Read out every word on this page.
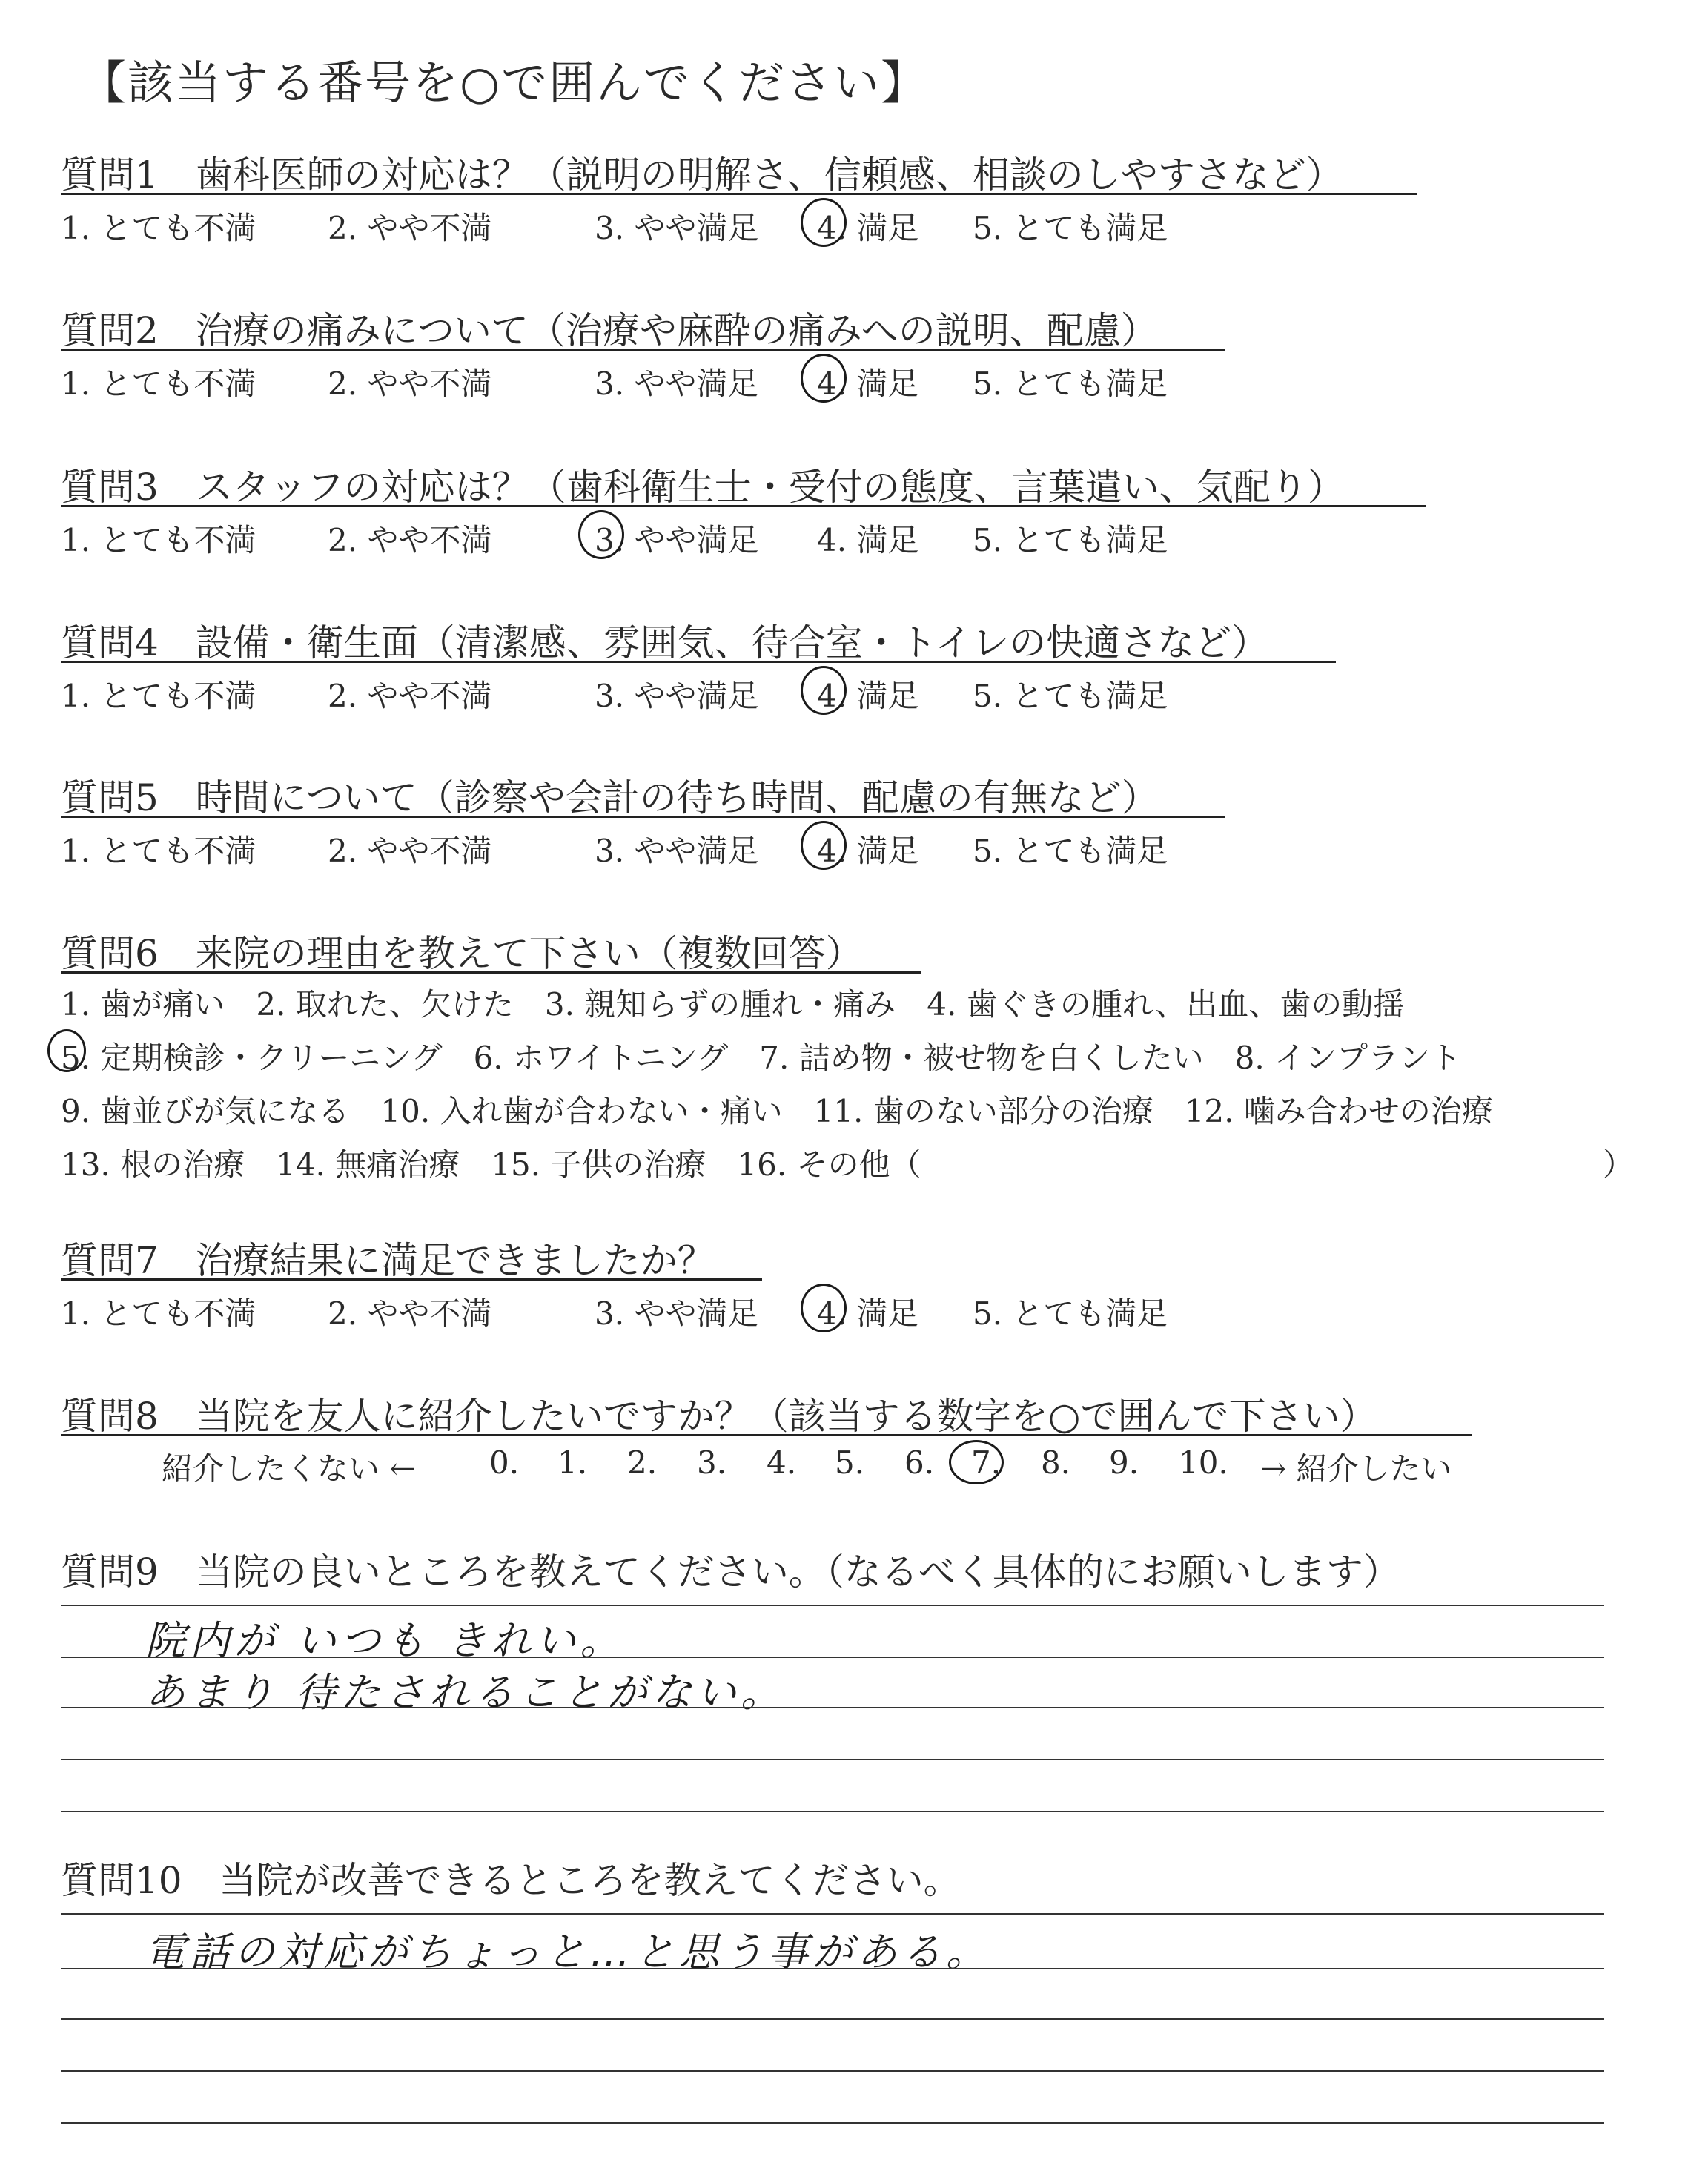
【該当する番号を○で囲んでください】
質問1　歯科医師の対応は？（説明の明解さ、信頼感、相談のしやすさなど）
1. とても不満 2. やや不満	3. やや満足 4. 満足 5. とても満足
質問2　治療の痛みについて（治療や麻酔の痛みへの説明、配慮）
1. とても不満 2. やや不満	3. やや満足 4. 満足 5. とても満足
質問3　スタッフの対応は？（歯科衛生士・受付の態度、言葉遣い、気配り）
1. とても不満 2. やや不満	3. やや満足 4. 満足 5. とても満足
質問4　設備・衛生面（清潔感、雰囲気、待合室・トイレの快適さなど）
1. とても不満 2. やや不満	3. やや満足 4. 満足 5. とても満足
質問5　時間について（診察や会計の待ち時間、配慮の有無など）
1. とても不満 2. やや不満	3. やや満足 4. 満足 5. とても満足
質問6　来院の理由を教えて下さい（複数回答）
1. 歯が痛い　2. 取れた、欠けた　3. 親知らずの腫れ・痛み　4. 歯ぐきの腫れ、出血、歯の動揺
5. 定期検診・クリーニング　6. ホワイトニング　7. 詰め物・被せ物を白くしたい　8. インプラント
9. 歯並びが気になる　10. 入れ歯が合わない・痛い　11. 歯のない部分の治療　12. 噛み合わせの治療
13. 根の治療　14. 無痛治療　15. 子供の治療　16. その他（	）
質問7　治療結果に満足できましたか？
1. とても不満 2. やや不満	3. やや満足 4. 満足 5. とても満足
質問8　当院を友人に紹介したいですか？（該当する数字を○で囲んで下さい）
紹介したくない ←	→ 紹介したい
0. 1. 2. 3. 4. 5. 6. 7. 8. 9. 10.
質問9　当院の良いところを教えてください。（なるべく具体的にお願いします）
院内が いつも きれい。
あまり 待たされることがない。
質問10　当院が改善できるところを教えてください。
電話の対応がちょっと…と思う事がある。
